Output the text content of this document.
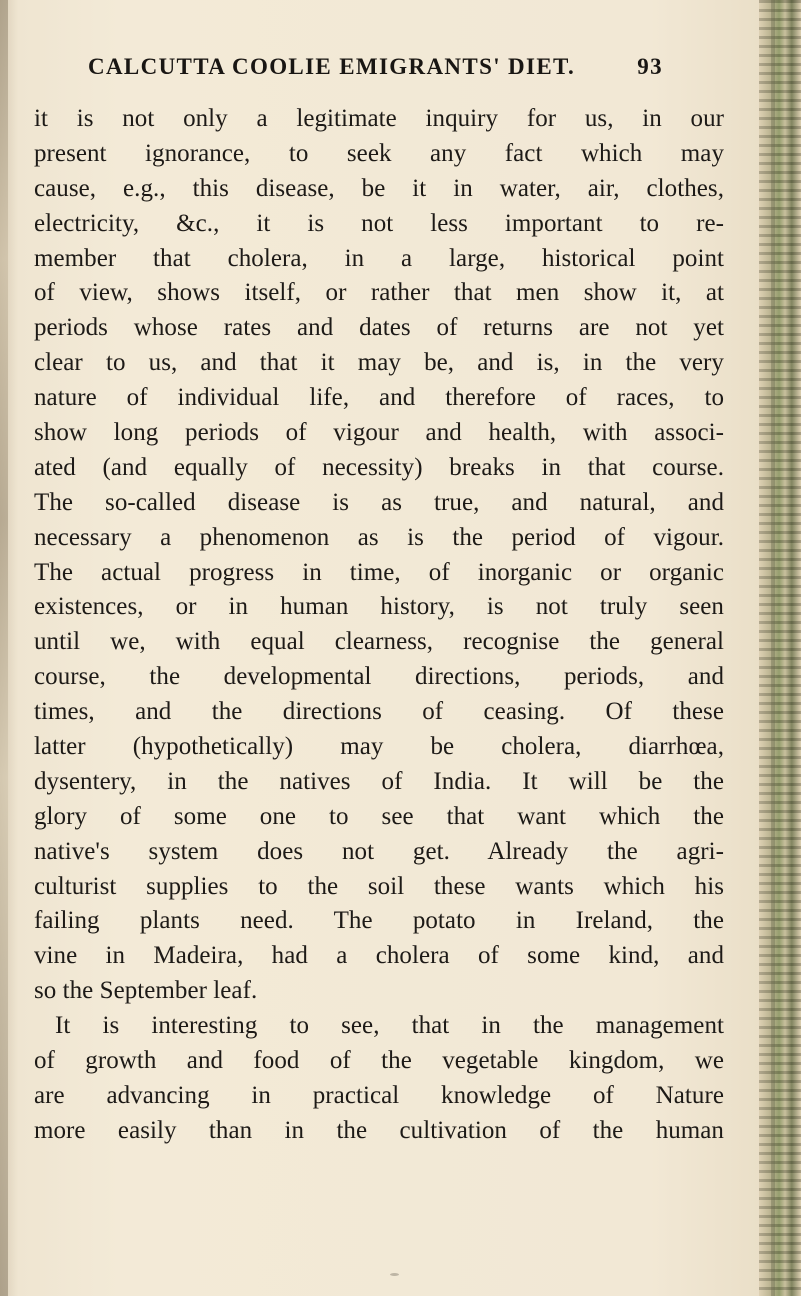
CALCUTTA COOLIE EMIGRANTS' DIET.	93
it is not only a legitimate inquiry for us, in our
present ignorance, to seek any fact which may
cause, e.g., this disease, be it in water, air, clothes,
electricity, &c., it is not less important to re-
member that cholera, in a large, historical point
of view, shows itself, or rather that men show it, at
periods whose rates and dates of returns are not yet
clear to us, and that it may be, and is, in the very
nature of individual life, and therefore of races, to
show long periods of vigour and health, with associ-
ated (and equally of necessity) breaks in that course.
The so-called disease is as true, and natural, and
necessary a phenomenon as is the period of vigour.
The actual progress in time, of inorganic or organic
existences, or in human history, is not truly seen
until we, with equal clearness, recognise the general
course, the developmental directions, periods, and
times, and the directions of ceasing. Of these
latter (hypothetically) may be cholera, diarrhœa,
dysentery, in the natives of India. It will be the
glory of some one to see that want which the
native's system does not get. Already the agri-
culturist supplies to the soil these wants which his
failing plants need. The potato in Ireland, the
vine in Madeira, had a cholera of some kind, and
so the September leaf.
It is interesting to see, that in the management
of growth and food of the vegetable kingdom, we
are advancing in practical knowledge of Nature
more easily than in the cultivation of the human
